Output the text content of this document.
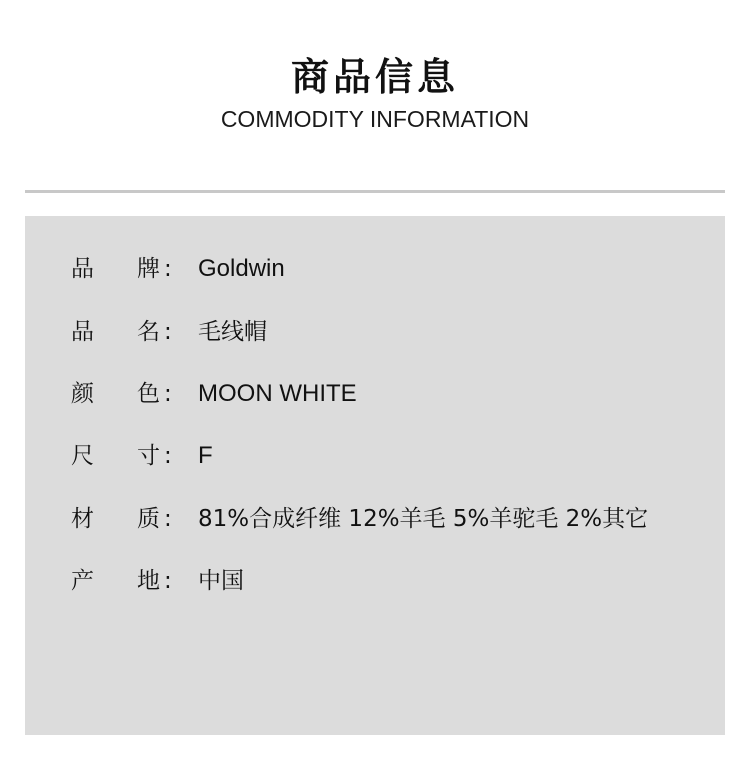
商品信息
COMMODITY INFORMATION
品 牌 : Goldwin
品 名 : 毛线帽
颜 色 : MOON WHITE
尺 寸 : F
材 质 : 81%合成纤维 12%羊毛 5%羊驼毛 2%其它
产 地 : 中国
